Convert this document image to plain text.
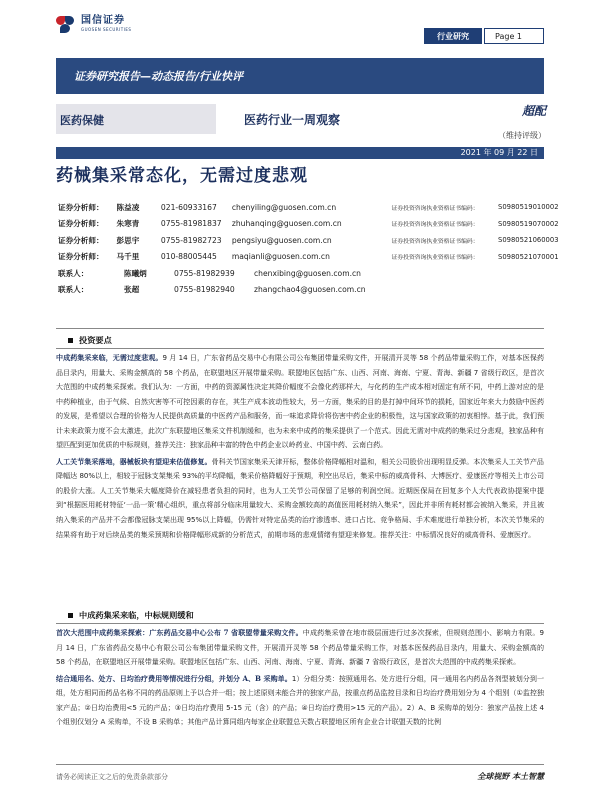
国信证券
GUOSEN SECURITIES
行业研究	Page 1
证券研究报告—动态报告/行业快评
医药保健	医药行业一周观察
超配
（维持评级）
2021 年 09 月 22 日
药械集采常态化，无需过度悲观
证券分析师：	陈益凌	021-60933167	chenyiling@guosen.com.cn	证券投资咨询执业资格证书编码：	S0980519010002
证券分析师：	朱寒青	0755-81981837	zhuhanqing@guosen.com.cn	证券投资咨询执业资格证书编码：	S0980519070002
证券分析师：	彭思宇	0755-81982723	pengsiyu@guosen.com.cn	证券投资咨询执业资格证书编码：	S0980521060003
证券分析师：	马千里	010-88005445	maqianli@guosen.com.cn	证券投资咨询执业资格证书编码：	S0980521070001
联系人：	陈曦炳	0755-81982939	chenxibing@guosen.com.cn
联系人：	张超	0755-81982940	zhangchao4@guosen.com.cn
投资要点

中成药集采来临，无需过度悲观。9 月 14 日，广东省药品交易中心有限公司公布集团带量采购文件，开展清开灵等 58 个药品带量采购工作，对基本医保药品目录内，用量大、采购金额高的 58 个药品，在联盟地区开展带量采购。联盟地区包括广东、山西、河南、海南、宁夏、青海、新疆 7 省级行政区，是首次大范围的中成药集采探索。我们认为：一方面，中药的资源属性决定其降价幅度不会像化药那样大，与化药的生产成本相对固定有所不同，中药上游对应的是中药种植业，由于气候、自然灾害等不可控因素的存在，其生产成本波动性较大，另一方面，集采的目的是打掉中间环节的损耗，国家近年来大力鼓励中医药的发展，是希望以合理的价格为人民提供高质量的中医药产品和服务，而一味追求降价将伤害中药企业的积极性，这与国家政策的初衷相悖。基于此，我们预计未来政策力度不会太激进，此次广东联盟地区集采文件机制缓和，也为未来中成药的集采提供了一个范式。因此无需对中成药的集采过分悲观，独家品种有望匹配到更加优质的中标规则，推荐关注：独家品种丰富的特色中药企业以岭药业、中国中药、云南白药。

人工关节集采落地，器械板块有望迎来估值修复。骨科关节国家集采天津开标，整体价格降幅相对温和，相关公司股价出现明显反弹。本次集采人工关节产品降幅达 80%以上，相较于冠脉支架集采 93%的平均降幅，集采价格降幅好于预期，利空出尽后，集采中标的威高骨科、大博医疗、爱康医疗等相关上市公司的股价大涨。人工关节集采大幅度降价在减轻患者负担的同时，也为人工关节公司保留了足够的利润空间。近期医保局在回复多个人大代表政协提案中提到“根据医用耗材特征‘一品一策’精心组织，重点将部分临床用量较大、采购金额较高的高值医用耗材纳入集采”，因此并非所有耗材都会被纳入集采，并且被纳入集采的产品并不会都像冠脉支架出现 95%以上降幅，仍需针对特定品类的治疗渗透率、进口占比、竞争格局、手术难度进行单独分析，本次关节集采的结果将有助于对后续品类的集采预期和价格降幅形成新的分析范式，前期市场的悲观情绪有望迎来修复。推荐关注：中标情况良好的威高骨科、爱康医疗。

中成药集采来临，中标规则缓和

首次大范围中成药集采探索：广东药品交易中心公布 7 省联盟带量采购文件。中成药集采曾在地市级层面进行过多次探索，但规则范围小、影响力有限。9 月 14 日，广东省药品交易中心有限公司公布集团带量采购文件，开展清开灵等 58 个药品带量采购工作，对基本医保药品目录内，用量大、采购金额高的 58 个药品，在联盟地区开展带量采购。联盟地区包括广东、山西、河南、海南、宁夏、青海、新疆 7 省级行政区，是首次大范围的中成药集采探索。

结合通用名、处方、日均治疗费用等情况进行分组，并划分 A、B 采购单。1）分组分类：按照通用名、处方进行分组，同一通用名内药品各剂型被划分到一组，处方相同而药品名称不同的药品原则上予以合并一组；按上述原则未能合并的独家产品，按重点药品监控目录和日均治疗费用划分为 4 个组别（①监控独家产品；②日均治费用<5 元的产品；③日均治疗费用 5-15 元（含）的产品；④日均治疗费用>15 元的产品）。2）A、B 采购单的划分：独家产品按上述 4 个组别仅划分 A 采购单，不设 B 采购单；其他产品计算同组内每家企业联盟总天数占联盟地区所有企业合计联盟天数的比例

请务必阅读正文之后的免责条款部分	全球视野 本土智慧
